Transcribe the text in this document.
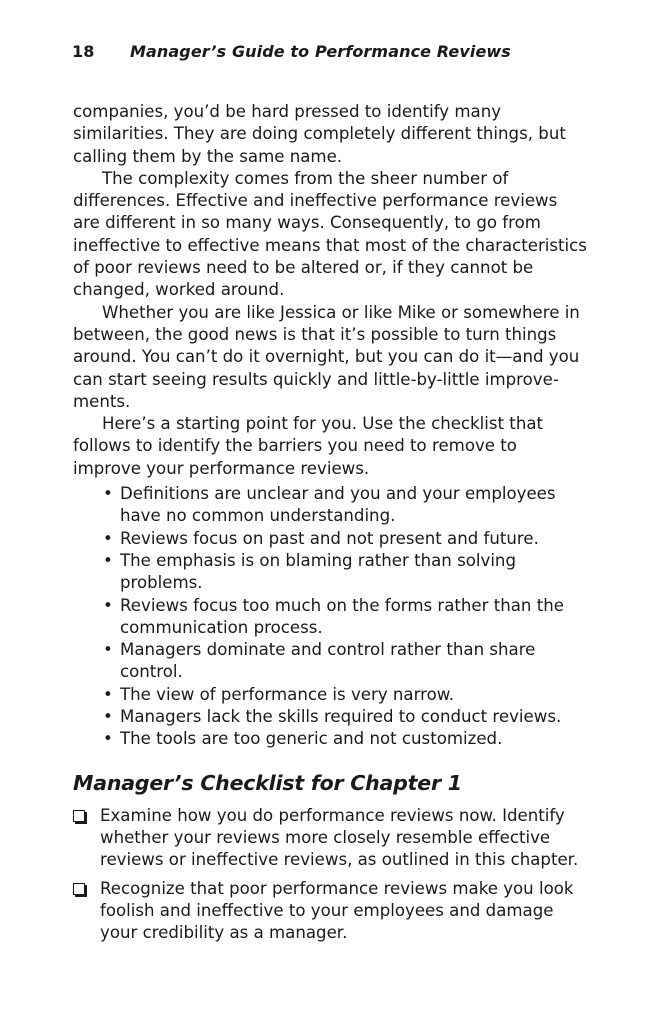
18 Manager’s Guide to Performance Reviews

companies, you’d be hard pressed to identify many similarities. They are doing completely different things, but calling them by the same name.

The complexity comes from the sheer number of differences. Effective and ineffective performance reviews are different in so many ways. Consequently, to go from ineffective to effective means that most of the characteristics of poor reviews need to be altered or, if they cannot be changed, worked around.

Whether you are like Jessica or like Mike or somewhere in between, the good news is that it’s possible to turn things around. You can’t do it overnight, but you can do it—and you can start seeing results quickly and little-by-little improvements.

Here’s a starting point for you. Use the checklist that follows to identify the barriers you need to remove to improve your performance reviews.

• Definitions are unclear and you and your employees have no common understanding.
• Reviews focus on past and not present and future.
• The emphasis is on blaming rather than solving problems.
• Reviews focus too much on the forms rather than the communication process.
• Managers dominate and control rather than share control.
• The view of performance is very narrow.
• Managers lack the skills required to conduct reviews.
• The tools are too generic and not customized.
Manager’s Checklist for Chapter 1
Examine how you do performance reviews now. Identify whether your reviews more closely resemble effective reviews or ineffective reviews, as outlined in this chapter.
Recognize that poor performance reviews make you look foolish and ineffective to your employees and damage your credibility as a manager.
